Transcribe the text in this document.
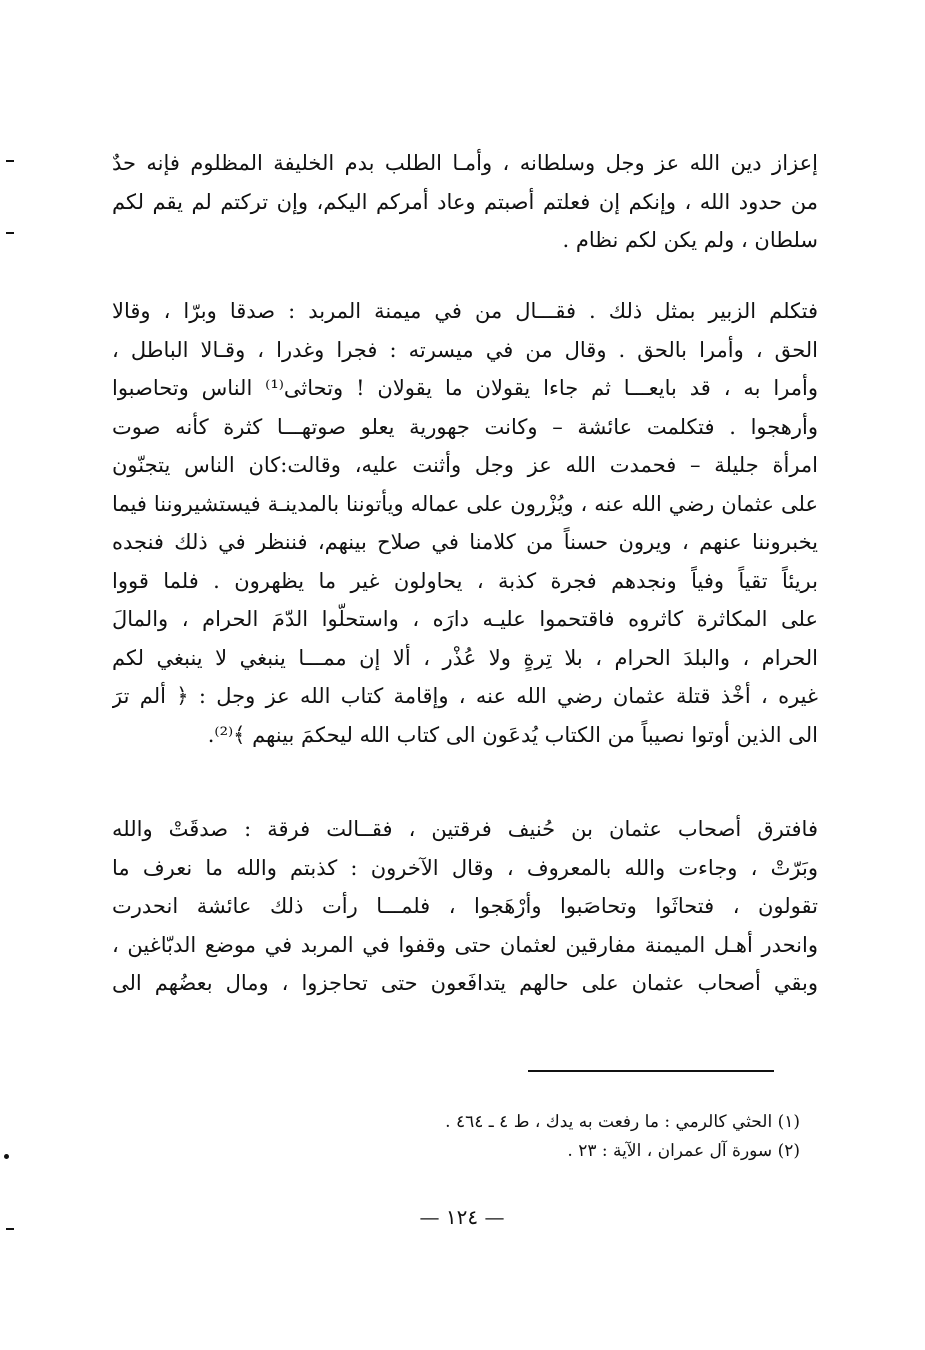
إعزاز دين الله عز وجل وسلطانه ، وأمـا الطلب بدم الخليفة المظلوم فإنه حدٌ
من حدود الله ، وإنكم إن فعلتم أصبتم وعاد أمركم اليكم، وإن تركتم لم يقم لكم
سلطان ، ولم يكن لكم نظام .
فتكلم الزبير بمثل ذلك . فقـــال من في ميمنة المربد : صدقا وبرّا ، وقالا
الحق ، وأمرا بالحق . وقال من في ميسرته : فجرا وغدرا ، وقـالا الباطل ،
وأمرا به ، قد بايعـــا ثم جاءا يقولان ما يقولان ! وتحاثى⁽¹⁾ الناس وتحاصبوا
وأرهجوا . فتكلمت عائشة – وكانت جهورية يعلو صوتهـــا كثرة كأنه صوت
امرأة جليلة – فحمدت الله عز وجل وأثنت عليه، وقالت:كان الناس يتجنّون
على عثمان رضي الله عنه ، ويُزْرون على عماله ويأتوننا بالمدينـة فيستشيروننا فيما
يخبروننا عنهم ، ويرون حسناً من كلامنا في صلاح بينهم، فننظر في ذلك فنجده
بريئاً تقياً وفياً ونجدهم فجرة كذبة ، يحاولون غير ما يظهرون . فلما قووا
على المكاثرة كاثروه فاقتحموا عليـه دارَه ، واستحلّوا الدّمَ الحرام ، والمالَ
الحرام ، والبلدَ الحرام ، بلا تِرةٍ ولا عُذْر ، ألا إن ممـــا ينبغي لا ينبغي لكم
غيره ، أخْذ قتلة عثمان رضي الله عنه ، وإقامة كتاب الله عز وجل : ﴿ ألم ترَ
الى الذين أوتوا نصيباً من الكتاب يُدعَون الى كتاب الله ليحكمَ بينهم ﴾⁽²⁾.
فافترق أصحاب عثمان بن حُنيف فرقتين ، فقــالت فرقة : صدقَتْ والله
وبَرّتْ ، وجاءت والله بالمعروف ، وقال الآخرون : كذبتم والله ما نعرف ما
تقولون ، فتحاثَوا وتحاصَبوا وأرْهَجوا ، فلمـــا رأت ذلك عائشة انحدرت
وانحدر أهـل الميمنة مفارقين لعثمان حتى وقفوا في المربد في موضع الدبّاغين ،
وبقي أصحاب عثمان على حالهم يتدافَعون حتى تحاجزوا ، ومال بعضُهم الى
(١) الحثي كالرمي : ما رفعت به يدك ، ط ٤ ـ ٤٦٤ .
(٢) سورة آل عمران ، الآية : ٢٣ .
— ١٢٤ —
